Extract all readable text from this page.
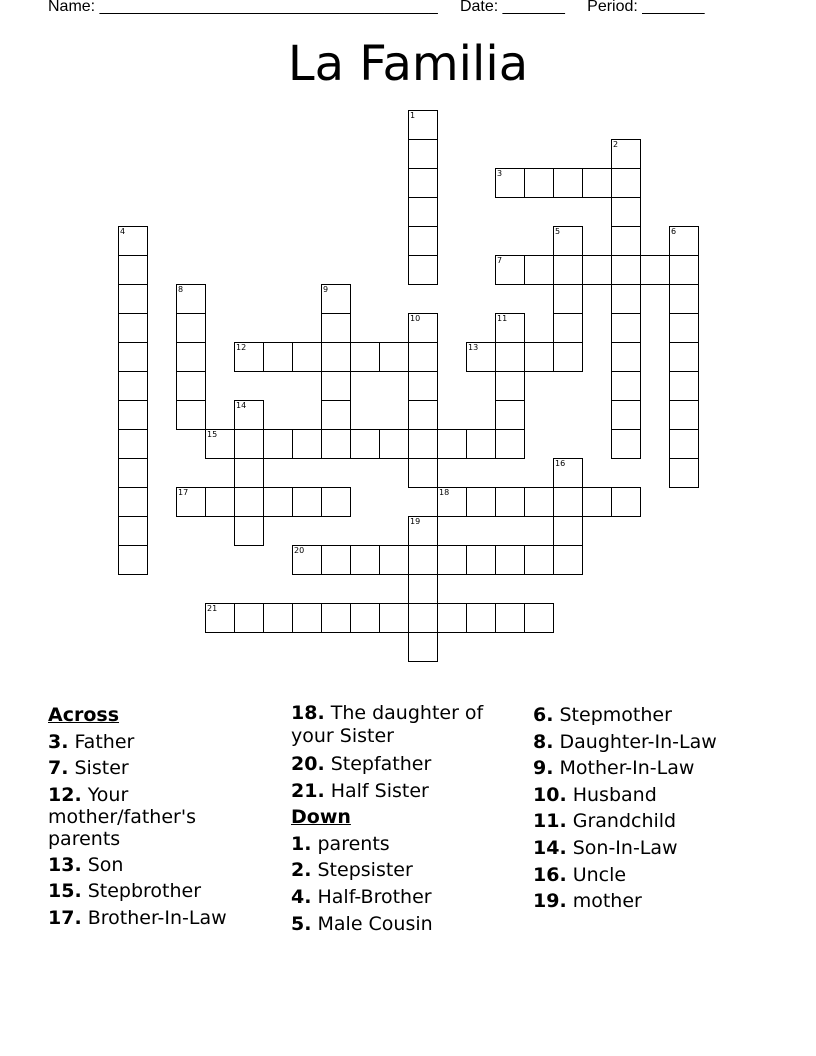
Name: ______________________________________     Date: _______     Period: _______
La Familia
1
2
3
4	5	6
7
8	9
10	11
12	13
14
15
16
17	18
19
20
21
Across
3. Father
7. Sister
12. Your mother/father's parents
13. Son
15. Stepbrother
17. Brother-In-Law
18. The daughter of your Sister
20. Stepfather
21. Half Sister
Down
1. parents
2. Stepsister
4. Half-Brother
5. Male Cousin
6. Stepmother
8. Daughter-In-Law
9. Mother-In-Law
10. Husband
11. Grandchild
14. Son-In-Law
16. Uncle
19. mother
